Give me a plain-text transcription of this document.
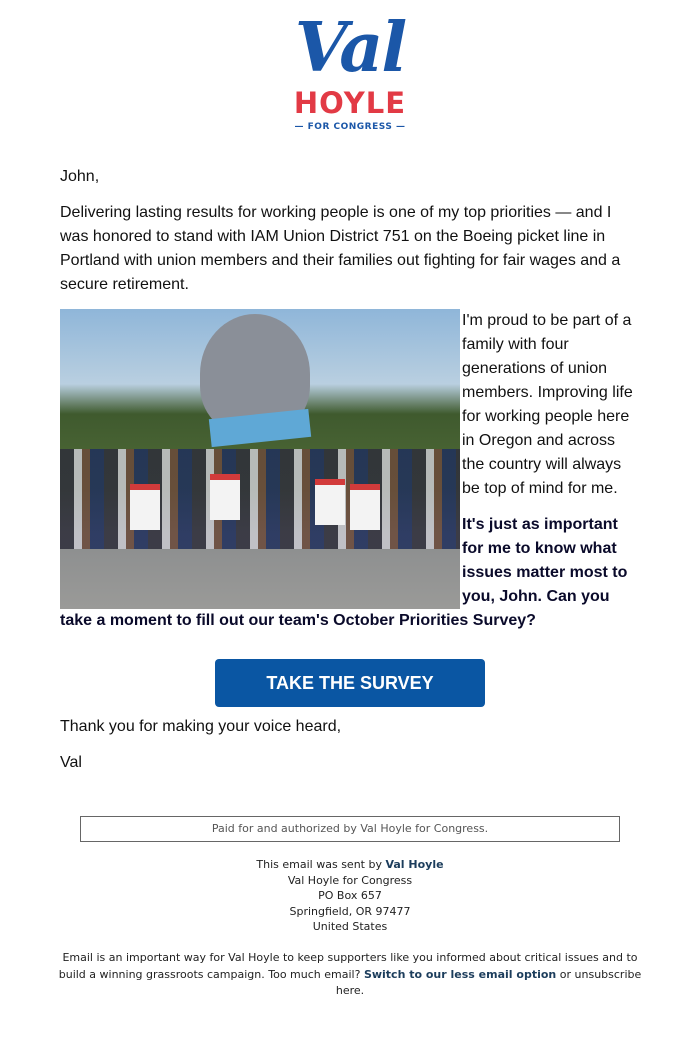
Val
HOYLE
— FOR CONGRESS —

John,

Delivering lasting results for working people is one of my top priorities — and I was honored to stand with IAM Union District 751 on the Boeing picket line in Portland with union members and their families out fighting for fair wages and a secure retirement.

I'm proud to be part of a family with four generations of union members. Improving life for working people here in Oregon and across the country will always be top of mind for me.

It's just as important for me to know what issues matter most to you, John. Can you take a moment to fill out our team's October Priorities Survey?

TAKE THE SURVEY

Thank you for making your voice heard,

Val

Paid for and authorized by Val Hoyle for Congress.
This email was sent by Val Hoyle
Val Hoyle for Congress
PO Box 657
Springfield, OR 97477
United States
Email is an important way for Val Hoyle to keep supporters like you informed about critical issues and to build a winning grassroots campaign. Too much email? Switch to our less email option or unsubscribe here.
